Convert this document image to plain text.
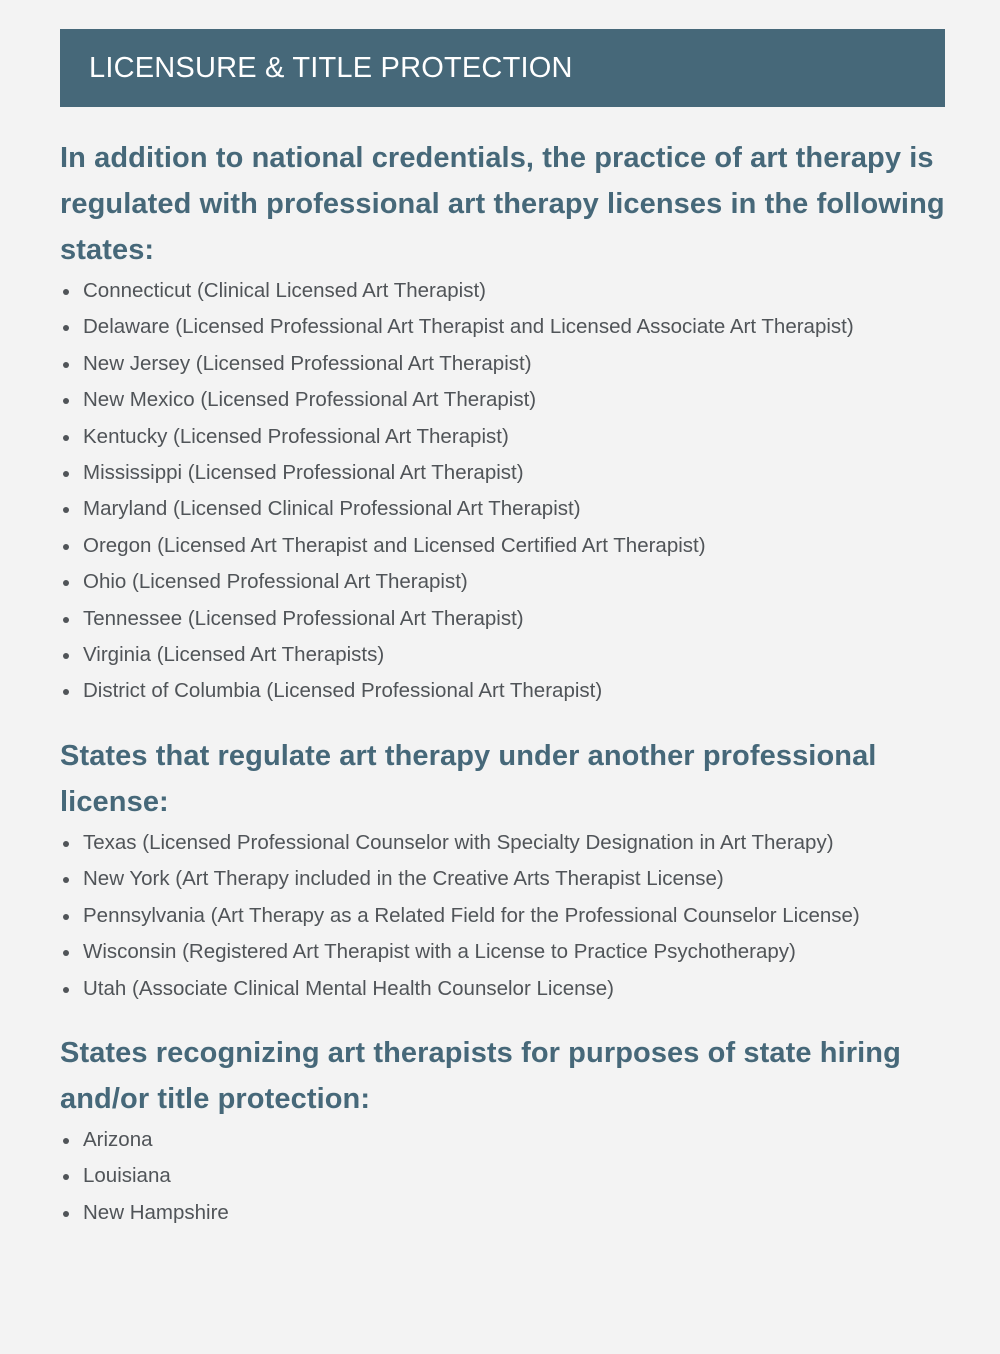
LICENSURE & TITLE PROTECTION
In addition to national credentials, the practice of art therapy is regulated with professional art therapy licenses in the following states:
Connecticut (Clinical Licensed Art Therapist)
Delaware (Licensed Professional Art Therapist and Licensed Associate Art Therapist)
New Jersey (Licensed Professional Art Therapist)
New Mexico (Licensed Professional Art Therapist)
Kentucky (Licensed Professional Art Therapist)
Mississippi (Licensed Professional Art Therapist)
Maryland (Licensed Clinical Professional Art Therapist)
Oregon (Licensed Art Therapist and Licensed Certified Art Therapist)
Ohio (Licensed Professional Art Therapist)
Tennessee (Licensed Professional Art Therapist)
Virginia (Licensed Art Therapists)
District of Columbia (Licensed Professional Art Therapist)
States that regulate art therapy under another professional license:
Texas (Licensed Professional Counselor with Specialty Designation in Art Therapy)
New York (Art Therapy included in the Creative Arts Therapist License)
Pennsylvania (Art Therapy as a Related Field for the Professional Counselor License)
Wisconsin (Registered Art Therapist with a License to Practice Psychotherapy)
Utah (Associate Clinical Mental Health Counselor License)
States recognizing art therapists for purposes of state hiring and/or title protection:
Arizona
Louisiana
New Hampshire
